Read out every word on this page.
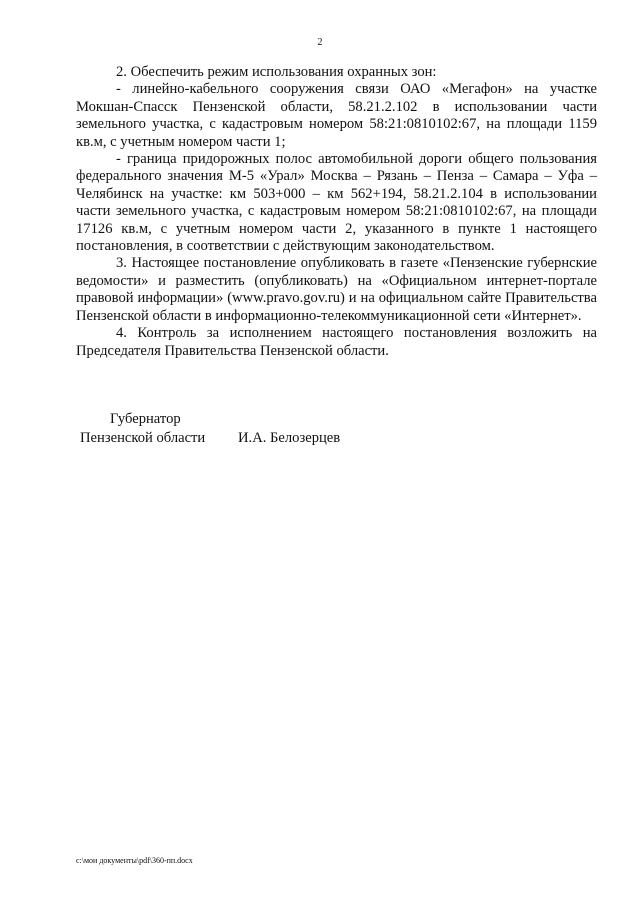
2

2. Обеспечить режим использования охранных зон:

- линейно-кабельного сооружения связи ОАО «Мегафон» на участке Мокшан-Спасск Пензенской области, 58.21.2.102 в использовании части земельного участка, с кадастровым номером 58:21:0810102:67, на площади 1159 кв.м, с учетным номером части 1;

- граница придорожных полос автомобильной дороги общего пользования федерального значения М-5 «Урал» Москва – Рязань – Пенза – Самара – Уфа – Челябинск на участке: км 503+000 – км 562+194, 58.21.2.104 в использовании части земельного участка, с кадастровым номером 58:21:0810102:67, на площади 17126 кв.м, с учетным номером части 2, указанного в пункте 1 настоящего постановления, в соответствии с действующим законодательством.

3. Настоящее постановление опубликовать в газете «Пензенские губернские ведомости» и разместить (опубликовать) на «Официальном интернет-портале правовой информации» (www.pravo.gov.ru) и на официальном сайте Правительства Пензенской области в информационно-телекоммуникационной сети «Интернет».

4. Контроль за исполнением настоящего постановления возложить на Председателя Правительства Пензенской области.

Губернатор
Пензенской области И.А. Белозерцев
c:\мои документы\pdf\360-пп.docx
